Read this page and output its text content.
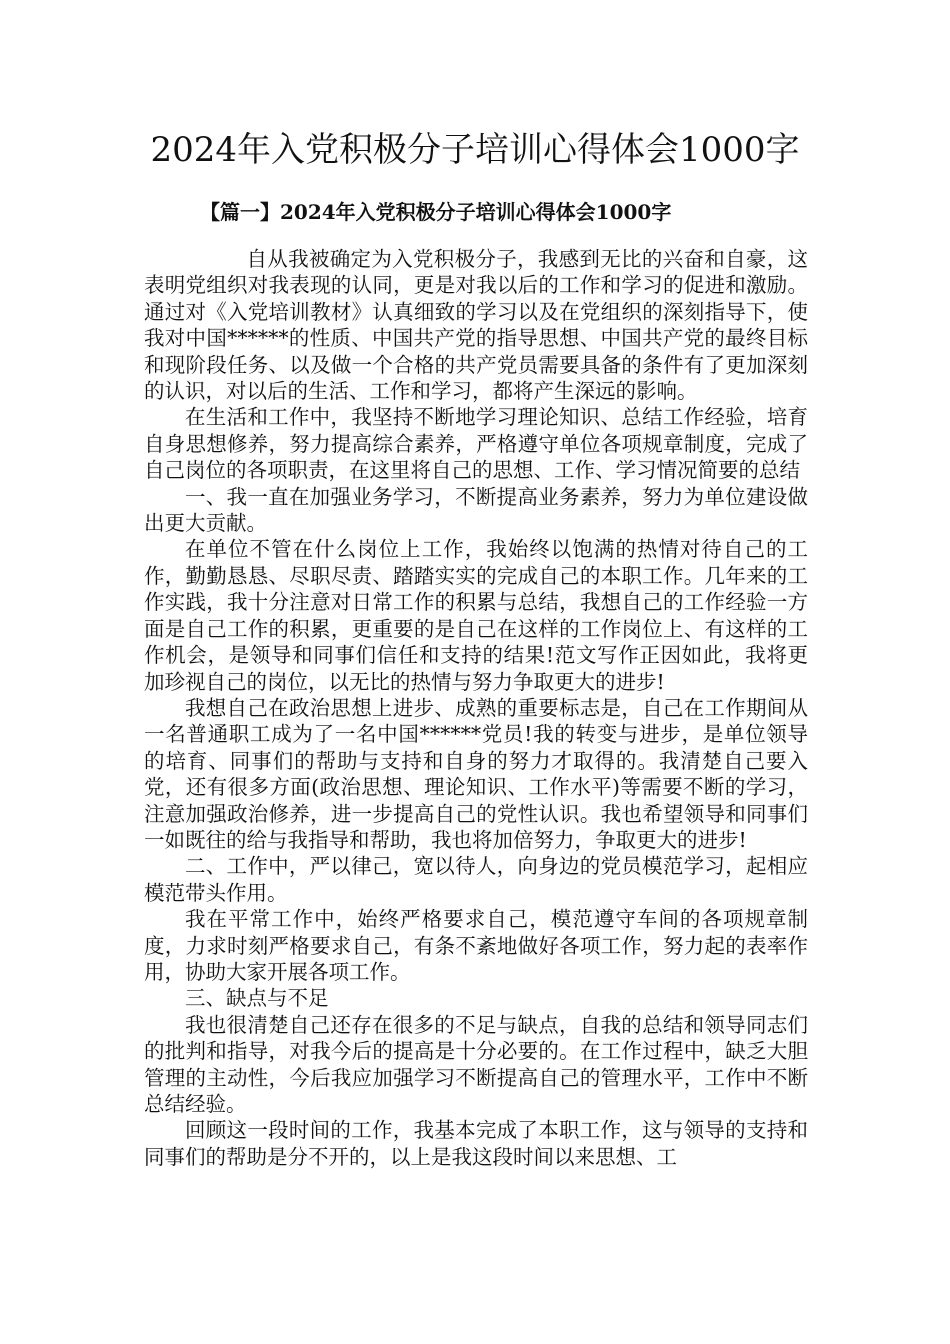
2024年入党积极分子培训心得体会1000字
【篇一】2024年入党积极分子培训心得体会1000字

自从我被确定为入党积极分子，我感到无比的兴奋和自豪，这表明党组织对我表现的认同，更是对我以后的工作和学习的促进和激励。通过对《入党培训教材》认真细致的学习以及在党组织的深刻指导下，使我对中国******的性质、中国共产党的指导思想、中国共产党的最终目标和现阶段任务、以及做一个合格的共产党员需要具备的条件有了更加深刻的认识，对以后的生活、工作和学习，都将产生深远的影响。

在生活和工作中，我坚持不断地学习理论知识、总结工作经验，培育自身思想修养，努力提高综合素养，严格遵守单位各项规章制度，完成了自己岗位的各项职责，在这里将自己的思想、工作、学习情况简要的总结

一、我一直在加强业务学习，不断提高业务素养，努力为单位建设做出更大贡献。

在单位不管在什么岗位上工作，我始终以饱满的热情对待自己的工作，勤勤恳恳、尽职尽责、踏踏实实的完成自己的本职工作。几年来的工作实践，我十分注意对日常工作的积累与总结，我想自己的工作经验一方面是自己工作的积累，更重要的是自己在这样的工作岗位上、有这样的工作机会，是领导和同事们信任和支持的结果!范文写作正因如此，我将更加珍视自己的岗位，以无比的热情与努力争取更大的进步!

我想自己在政治思想上进步、成熟的重要标志是，自己在工作期间从一名普通职工成为了一名中国******党员!我的转变与进步，是单位领导的培育、同事们的帮助与支持和自身的努力才取得的。我清楚自己要入党，还有很多方面(政治思想、理论知识、工作水平)等需要不断的学习，注意加强政治修养，进一步提高自己的党性认识。我也希望领导和同事们一如既往的给与我指导和帮助，我也将加倍努力，争取更大的进步!

二、工作中，严以律己，宽以待人，向身边的党员模范学习，起相应模范带头作用。

我在平常工作中，始终严格要求自己，模范遵守车间的各项规章制度，力求时刻严格要求自己，有条不紊地做好各项工作，努力起的表率作用，协助大家开展各项工作。

三、缺点与不足

我也很清楚自己还存在很多的不足与缺点，自我的总结和领导同志们的批判和指导，对我今后的提高是十分必要的。在工作过程中，缺乏大胆管理的主动性，今后我应加强学习不断提高自己的管理水平，工作中不断总结经验。

回顾这一段时间的工作，我基本完成了本职工作，这与领导的支持和同事们的帮助是分不开的，以上是我这段时间以来思想、工
